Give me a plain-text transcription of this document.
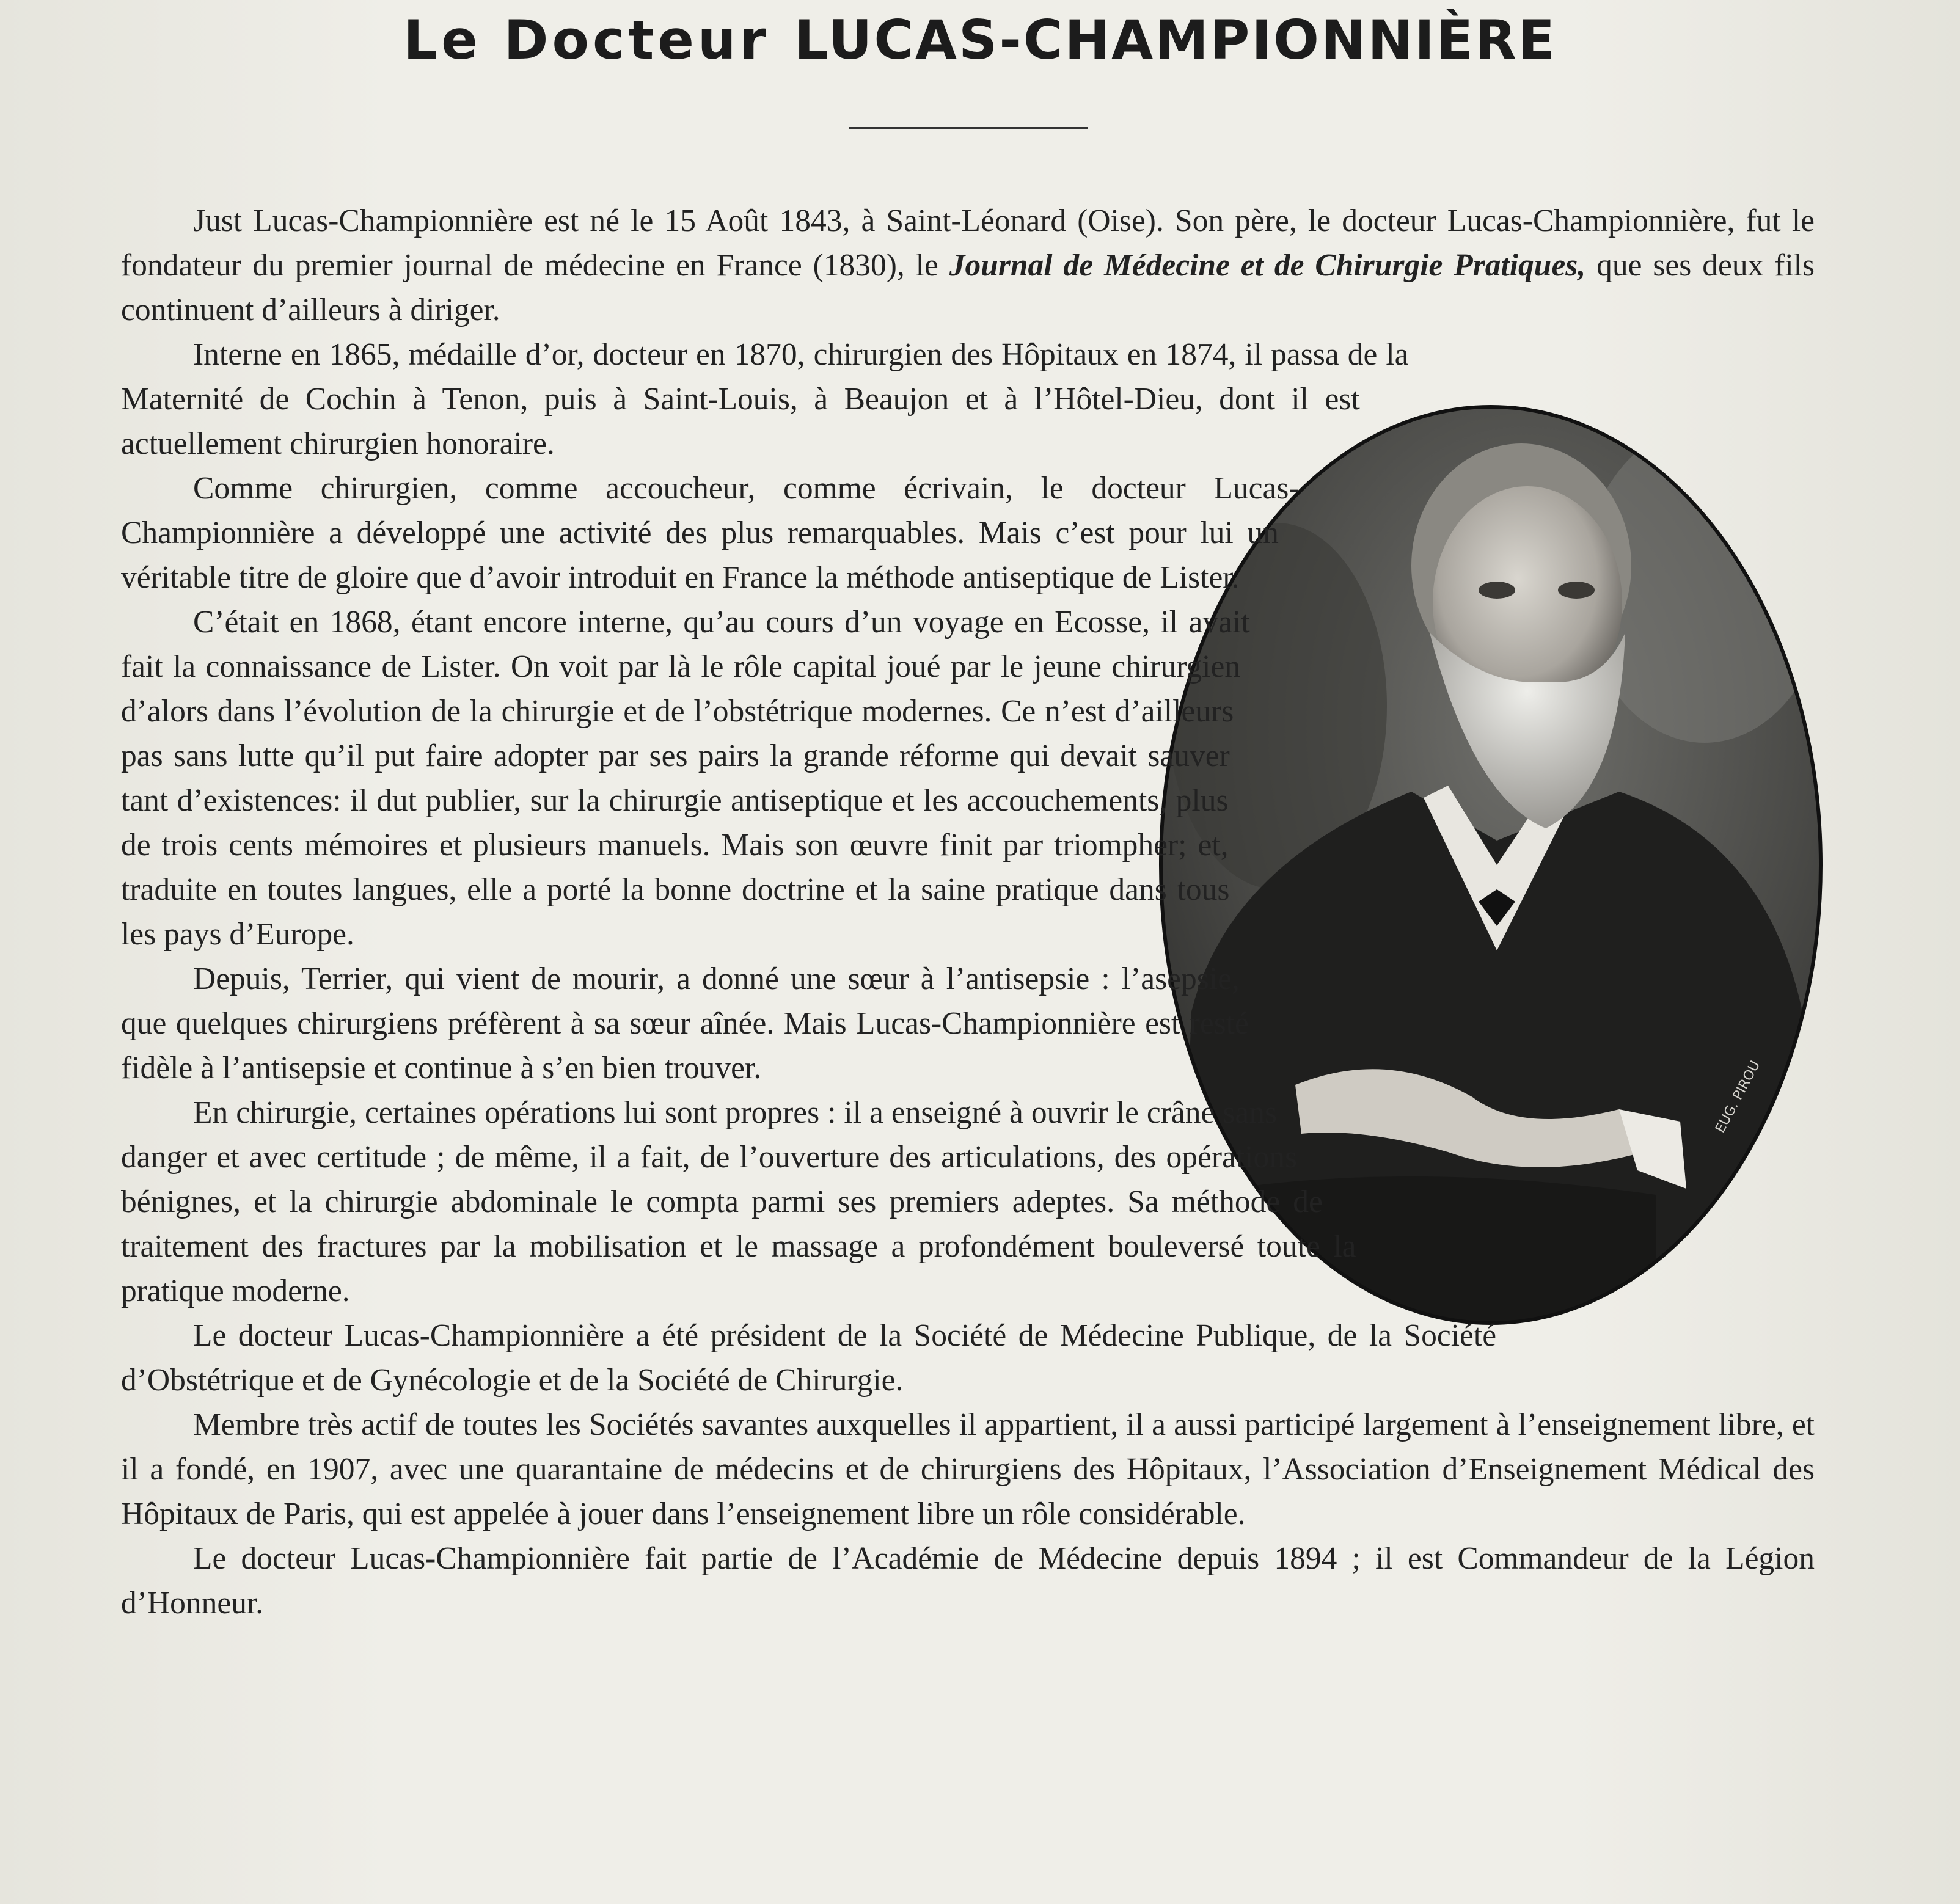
Le Docteur LUCAS-CHAMPIONNIÈRE
EUG. PIROU

Just Lucas-Championnière est né le 15 Août 1843, à Saint-Léonard (Oise). Son père, le docteur Lucas-Championnière, fut le fondateur du premier journal de médecine en France (1830), le Journal de Médecine et de Chirurgie Pratiques, que ses deux fils continuent d’ailleurs à diriger.

Interne en 1865, médaille d’or, docteur en 1870, chirurgien des Hôpitaux en 1874, il passa de la Maternité de Cochin à Tenon, puis à Saint-Louis, à Beaujon et à l’Hôtel-Dieu, dont il est actuellement chirurgien honoraire.

Comme chirurgien, comme accoucheur, comme écrivain, le docteur Lucas-Championnière a développé une activité des plus remarquables. Mais c’est pour lui un véritable titre de gloire que d’avoir introduit en France la méthode antiseptique de Lister.

C’était en 1868, étant encore interne, qu’au cours d’un voyage en Ecosse, il avait fait la connaissance de Lister. On voit par là le rôle capital joué par le jeune chirurgien d’alors dans l’évolution de la chirurgie et de l’obstétrique modernes. Ce n’est d’ailleurs pas sans lutte qu’il put faire adopter par ses pairs la grande réforme qui devait sauver tant d’existences: il dut publier, sur la chirurgie antiseptique et les accouchements, plus de trois cents mémoires et plusieurs manuels. Mais son œuvre finit par triompher; et, traduite en toutes langues, elle a porté la bonne doctrine et la saine pratique dans tous les pays d’Europe.

Depuis, Terrier, qui vient de mourir, a donné une sœur à l’antisepsie : l’asepsie, que quelques chirurgiens préfèrent à sa sœur aînée. Mais Lucas-Championnière est resté fidèle à l’antisepsie et continue à s’en bien trouver.

En chirurgie, certaines opérations lui sont propres : il a enseigné à ouvrir le crâne sans danger et avec certitude ; de même, il a fait, de l’ouverture des articulations, des opérations bénignes, et la chirurgie abdominale le compta parmi ses premiers adeptes. Sa méthode de traitement des fractures par la mobilisation et le massage a profondément bouleversé toute la pratique moderne.

Le docteur Lucas-Championnière a été président de la Société de Médecine Publique, de la Société d’Obstétrique et de Gynécologie et de la Société de Chirurgie.

Membre très actif de toutes les Sociétés savantes auxquelles il appartient, il a aussi participé largement à l’enseignement libre, et il a fondé, en 1907, avec une quarantaine de médecins et de chirurgiens des Hôpitaux, l’Association d’Enseignement Médical des Hôpitaux de Paris, qui est appelée à jouer dans l’enseignement libre un rôle considérable.

Le docteur Lucas-Championnière fait partie de l’Académie de Médecine depuis 1894 ; il est Commandeur de la Légion d’Honneur.
